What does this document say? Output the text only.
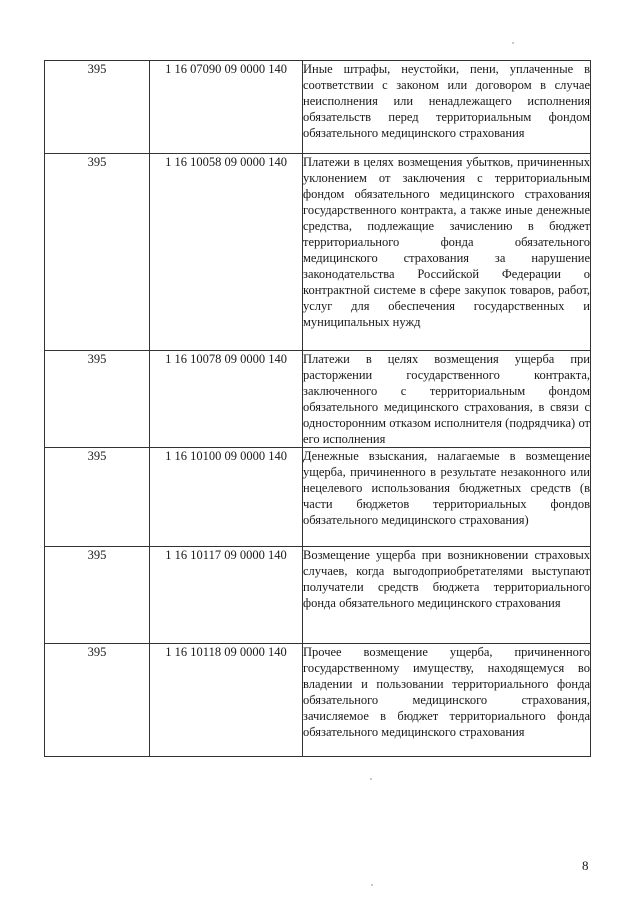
395	1 16 07090 09 0000 140	Иные штрафы, неустойки, пени, уплаченные в соответствии с законом или договором в случае неисполнения или ненадлежащего исполнения обязательств перед территориальным фондом обязательного медицинского страхования
395	1 16 10058 09 0000 140	Платежи в целях возмещения убытков, причиненных уклонением от заключения с территориальным фондом обязательного медицинского страхования государственного контракта, а также иные денежные средства, подлежащие зачислению в бюджет территориального фонда обязательного медицинского страхования за нарушение законодательства Российской Федерации о контрактной системе в сфере закупок товаров, работ, услуг для обеспечения государственных и муниципальных нужд
395	1 16 10078 09 0000 140	Платежи в целях возмещения ущерба при расторжении государственного контракта, заключенного с территориальным фондом обязательного медицинского страхования, в связи с односторонним отказом исполнителя (подрядчика) от его исполнения
395	1 16 10100 09 0000 140	Денежные взыскания, налагаемые в возмещение ущерба, причиненного в результате незаконного или нецелевого использования бюджетных средств (в части бюджетов территориальных фондов обязательного медицинского страхования)
395	1 16 10117 09 0000 140	Возмещение ущерба при возникновении страховых случаев, когда выгодоприобретателями выступают получатели средств бюджета территориального фонда обязательного медицинского страхования
395	1 16 10118 09 0000 140	Прочее возмещение ущерба, причиненного государственному имуществу, находящемуся во владении и пользовании территориального фонда обязательного медицинского страхования, зачисляемое в бюджет территориального фонда обязательного медицинского страхования
8
